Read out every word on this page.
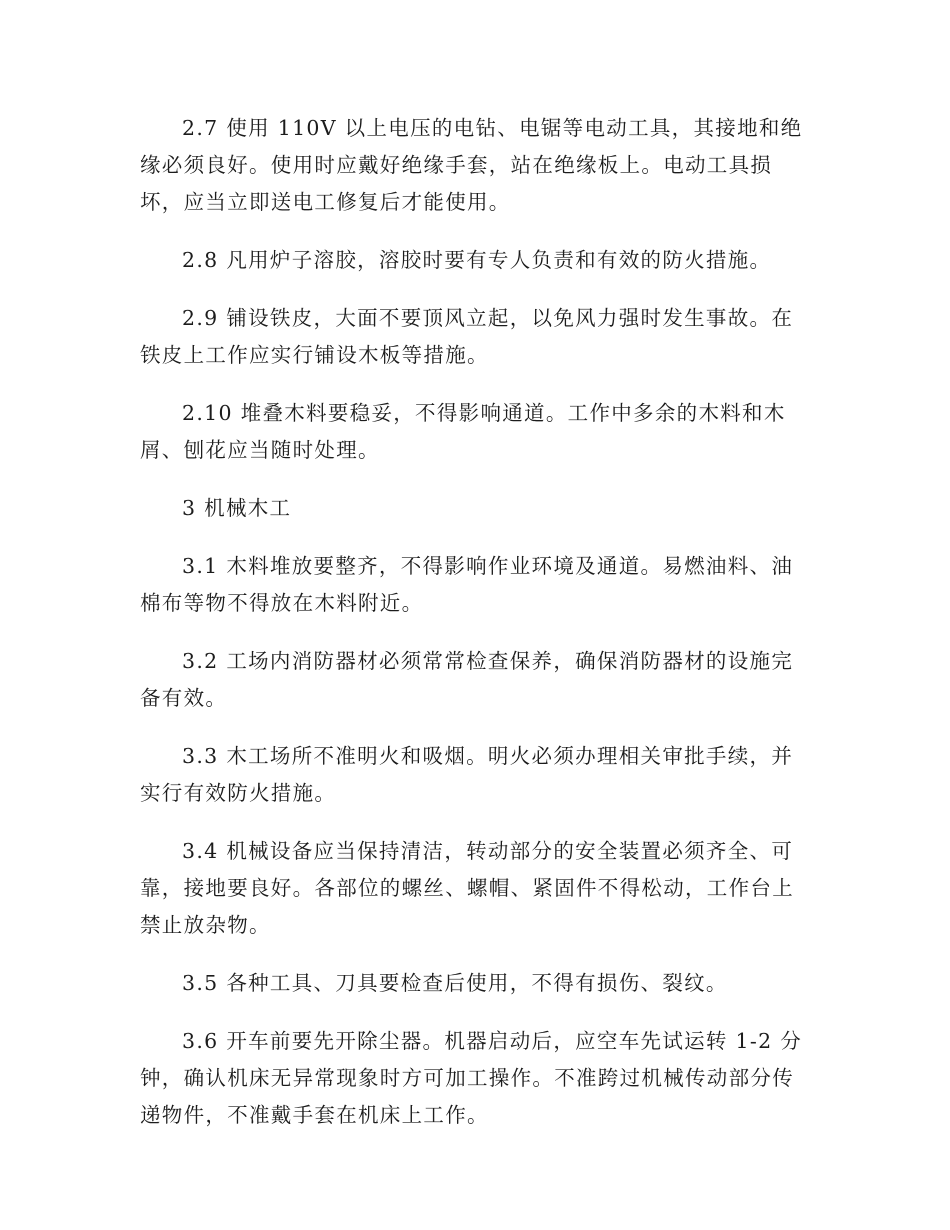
2.7 使用 110V 以上电压的电钻、电锯等电动工具，其接地和绝缘必须良好。使用时应戴好绝缘手套，站在绝缘板上。电动工具损坏，应当立即送电工修复后才能使用。

2.8 凡用炉子溶胶，溶胶时要有专人负责和有效的防火措施。

2.9 铺设铁皮，大面不要顶风立起，以免风力强时发生事故。在铁皮上工作应实行铺设木板等措施。

2.10 堆叠木料要稳妥，不得影响通道。工作中多余的木料和木屑、刨花应当随时处理。

3 机械木工

3.1 木料堆放要整齐，不得影响作业环境及通道。易燃油料、油棉布等物不得放在木料附近。

3.2 工场内消防器材必须常常检查保养，确保消防器材的设施完备有效。

3.3 木工场所不准明火和吸烟。明火必须办理相关审批手续，并实行有效防火措施。

3.4 机械设备应当保持清洁，转动部分的安全装置必须齐全、可靠，接地要良好。各部位的螺丝、螺帽、紧固件不得松动，工作台上禁止放杂物。

3.5 各种工具、刀具要检查后使用，不得有损伤、裂纹。

3.6 开车前要先开除尘器。机器启动后，应空车先试运转 1-2 分钟，确认机床无异常现象时方可加工操作。不准跨过机械传动部分传递物件，不准戴手套在机床上工作。
